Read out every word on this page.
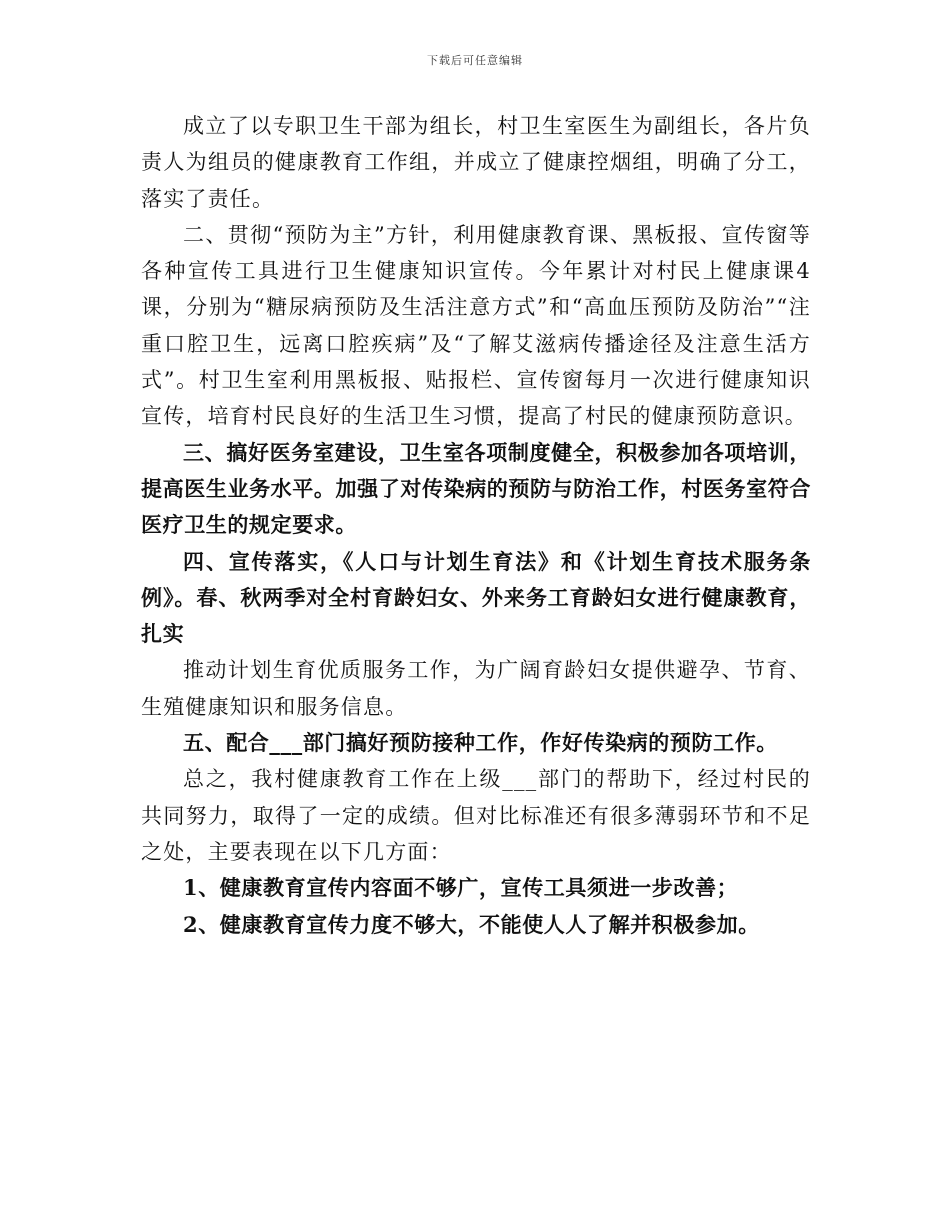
下载后可任意编辑

成立了以专职卫生干部为组长，村卫生室医生为副组长，各片负责人为组员的健康教育工作组，并成立了健康控烟组，明确了分工，落实了责任。

二、贯彻“预防为主”方针，利用健康教育课、黑板报、宣传窗等各种宣传工具进行卫生健康知识宣传。今年累计对村民上健康课4课，分别为“糖尿病预防及生活注意方式”和“高血压预防及防治”“注重口腔卫生，远离口腔疾病”及“了解艾滋病传播途径及注意生活方式”。村卫生室利用黑板报、贴报栏、宣传窗每月一次进行健康知识宣传，培育村民良好的生活卫生习惯，提高了村民的健康预防意识。

三、搞好医务室建设，卫生室各项制度健全，积极参加各项培训，提高医生业务水平。加强了对传染病的预防与防治工作，村医务室符合医疗卫生的规定要求。

四、宣传落实，《人口与计划生育法》和《计划生育技术服务条例》。春、秋两季对全村育龄妇女、外来务工育龄妇女进行健康教育，扎实

推动计划生育优质服务工作，为广阔育龄妇女提供避孕、节育、生殖健康知识和服务信息。

五、配合___部门搞好预防接种工作，作好传染病的预防工作。

总之，我村健康教育工作在上级___部门的帮助下，经过村民的共同努力，取得了一定的成绩。但对比标准还有很多薄弱环节和不足之处，主要表现在以下几方面：

1、健康教育宣传内容面不够广，宣传工具须进一步改善；

2、健康教育宣传力度不够大，不能使人人了解并积极参加。
